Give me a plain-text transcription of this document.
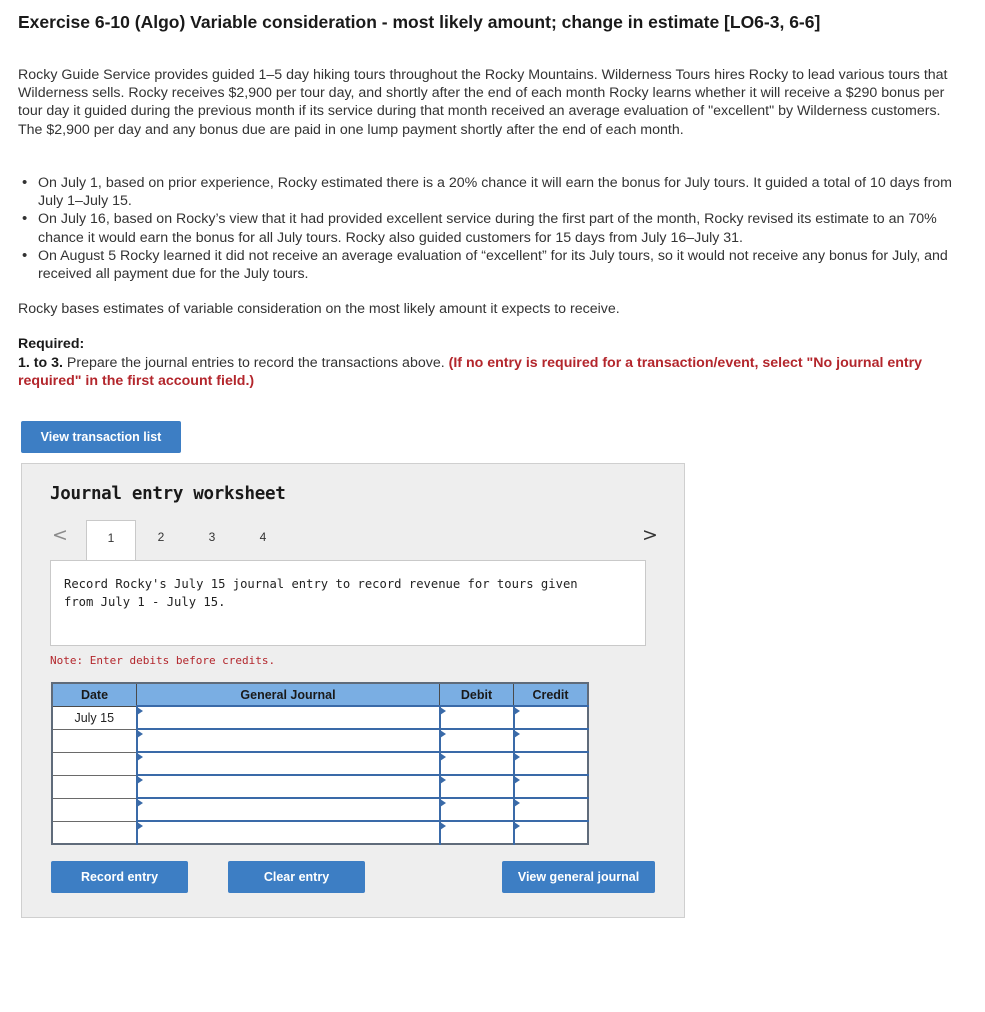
Exercise 6-10 (Algo) Variable consideration - most likely amount; change in estimate [LO6-3, 6-6]

Rocky Guide Service provides guided 1–5 day hiking tours throughout the Rocky Mountains. Wilderness Tours hires Rocky to lead various tours that Wilderness sells. Rocky receives $2,900 per tour day, and shortly after the end of each month Rocky learns whether it will receive a $290 bonus per tour day it guided during the previous month if its service during that month received an average evaluation of "excellent" by Wilderness customers. The $2,900 per day and any bonus due are paid in one lump payment shortly after the end of each month.

• On July 1, based on prior experience, Rocky estimated there is a 20% chance it will earn the bonus for July tours. It guided a total of 10 days from July 1–July 15.
• On July 16, based on Rocky’s view that it had provided excellent service during the first part of the month, Rocky revised its estimate to an 70% chance it would earn the bonus for all July tours. Rocky also guided customers for 15 days from July 16–July 31.
• On August 5 Rocky learned it did not receive an average evaluation of “excellent” for its July tours, so it would not receive any bonus for July, and received all payment due for the July tours.

Rocky bases estimates of variable consideration on the most likely amount it expects to receive.

Required:

1. to 3. Prepare the journal entries to record the transactions above. (If no entry is required for a transaction/event, select "No journal entry required" in the first account field.)

View transaction list
Journal entry worksheet
<	1	2	3	4	>

Record Rocky's July 15 journal entry to record revenue for tours given from July 1 - July 15.

Note: Enter debits before credits.

Date	General Journal	Debit	Credit
July 15			

Record entry	Clear entry	View general journal
